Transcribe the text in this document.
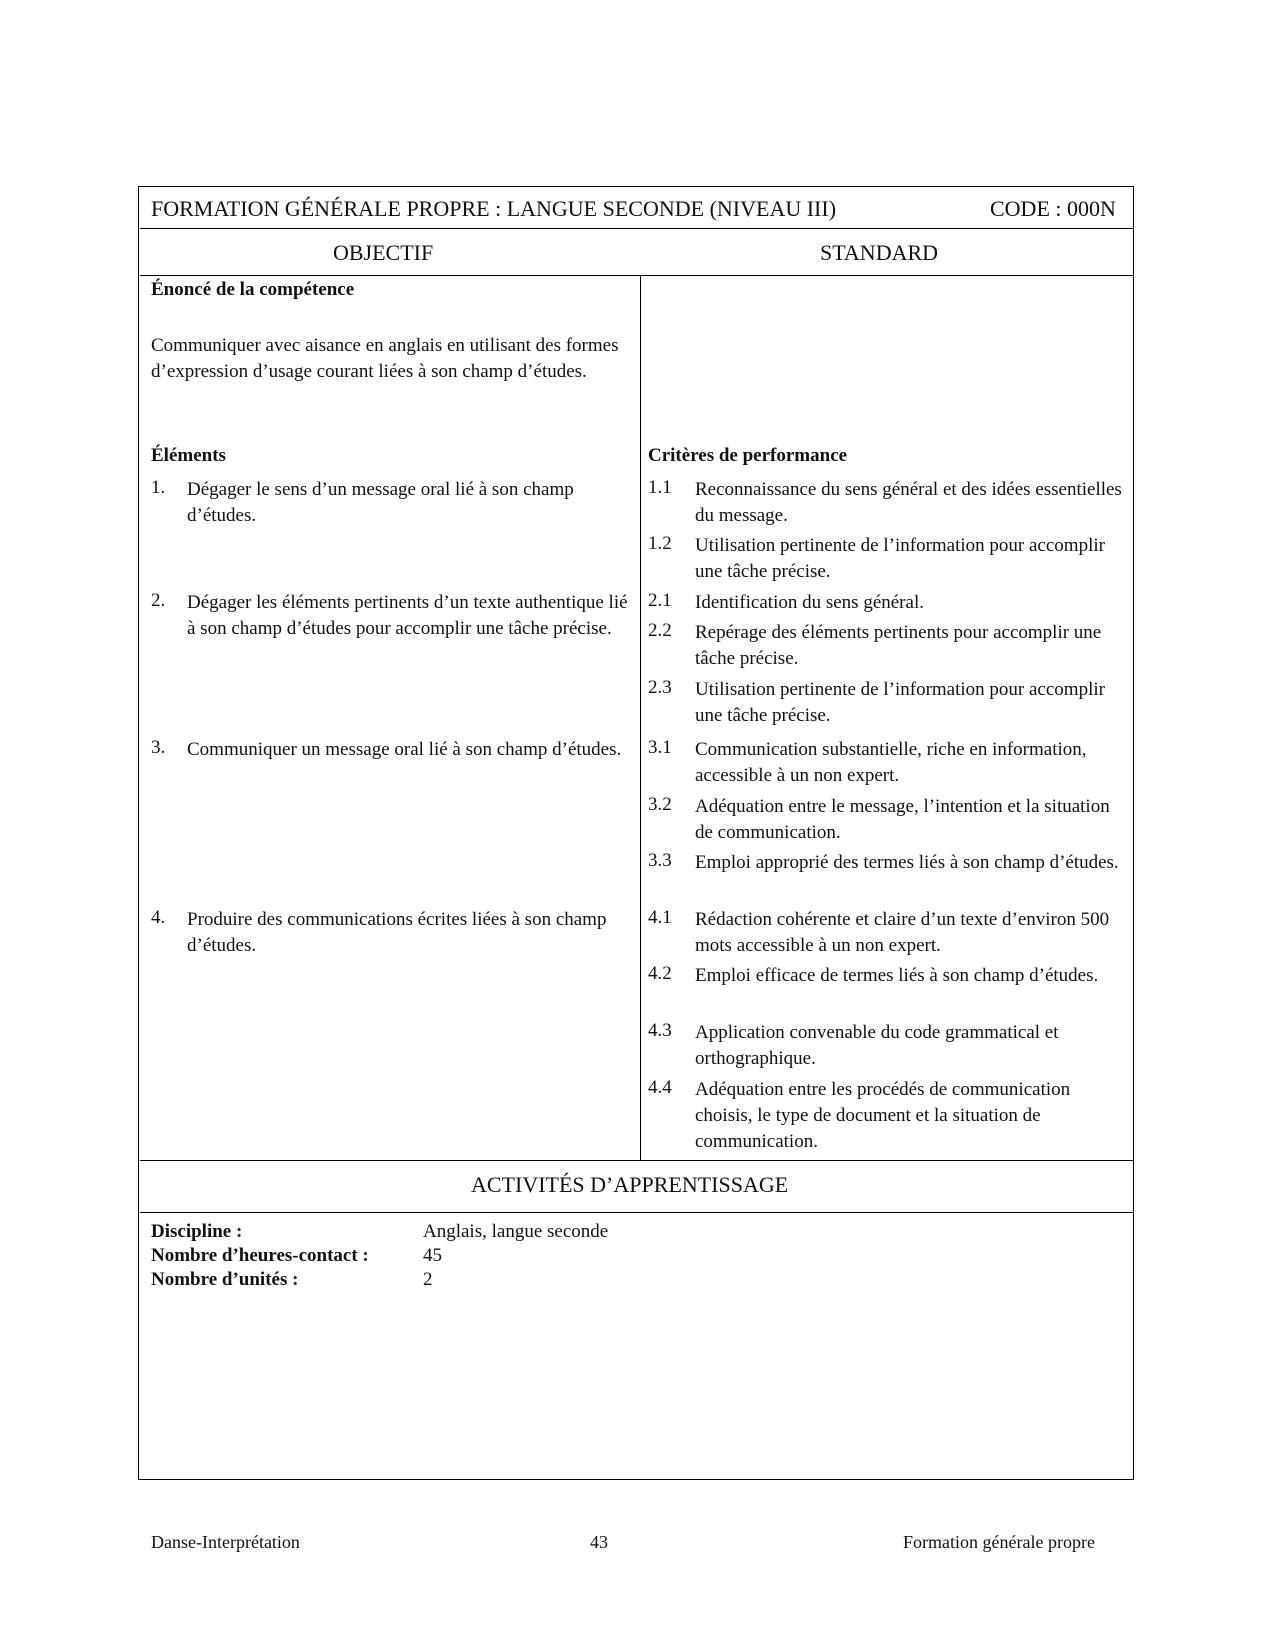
FORMATION GÉNÉRALE PROPRE : LANGUE SECONDE (NIVEAU III)	CODE : 000N
OBJECTIF	STANDARD
Énoncé de la compétence
Communiquer avec aisance en anglais en utilisant des formes d’expression d’usage courant liées à son champ d’études.
Éléments	Critères de performance
1.	Dégager le sens d’un message oral lié à son champ d’études.
2.	Dégager les éléments pertinents d’un texte authentique lié à son champ d’études pour accomplir une tâche précise.
3.	Communiquer un message oral lié à son champ d’études.
4.	Produire des communications écrites liées à son champ d’études.
1.1	Reconnaissance du sens général et des idées essentielles du message.
1.2	Utilisation pertinente de l’information pour accomplir une tâche précise.
2.1	Identification du sens général.
2.2	Repérage des éléments pertinents pour accomplir une tâche précise.
2.3	Utilisation pertinente de l’information pour accomplir une tâche précise.
3.1	Communication substantielle, riche en information, accessible à un non expert.
3.2	Adéquation entre le message, l’intention et la situation de communication.
3.3	Emploi approprié des termes liés à son champ d’études.
4.1	Rédaction cohérente et claire d’un texte d’environ 500 mots accessible à un non expert.
4.2	Emploi efficace de termes liés à son champ d’études.
4.3	Application convenable du code grammatical et orthographique.
4.4	Adéquation entre les procédés de communication choisis, le type de document et la situation de communication.
ACTIVITÉS D’APPRENTISSAGE
Discipline :	Anglais, langue seconde
Nombre d’heures-contact :	45
Nombre d’unités :	2
Danse-Interprétation	43	Formation générale propre
